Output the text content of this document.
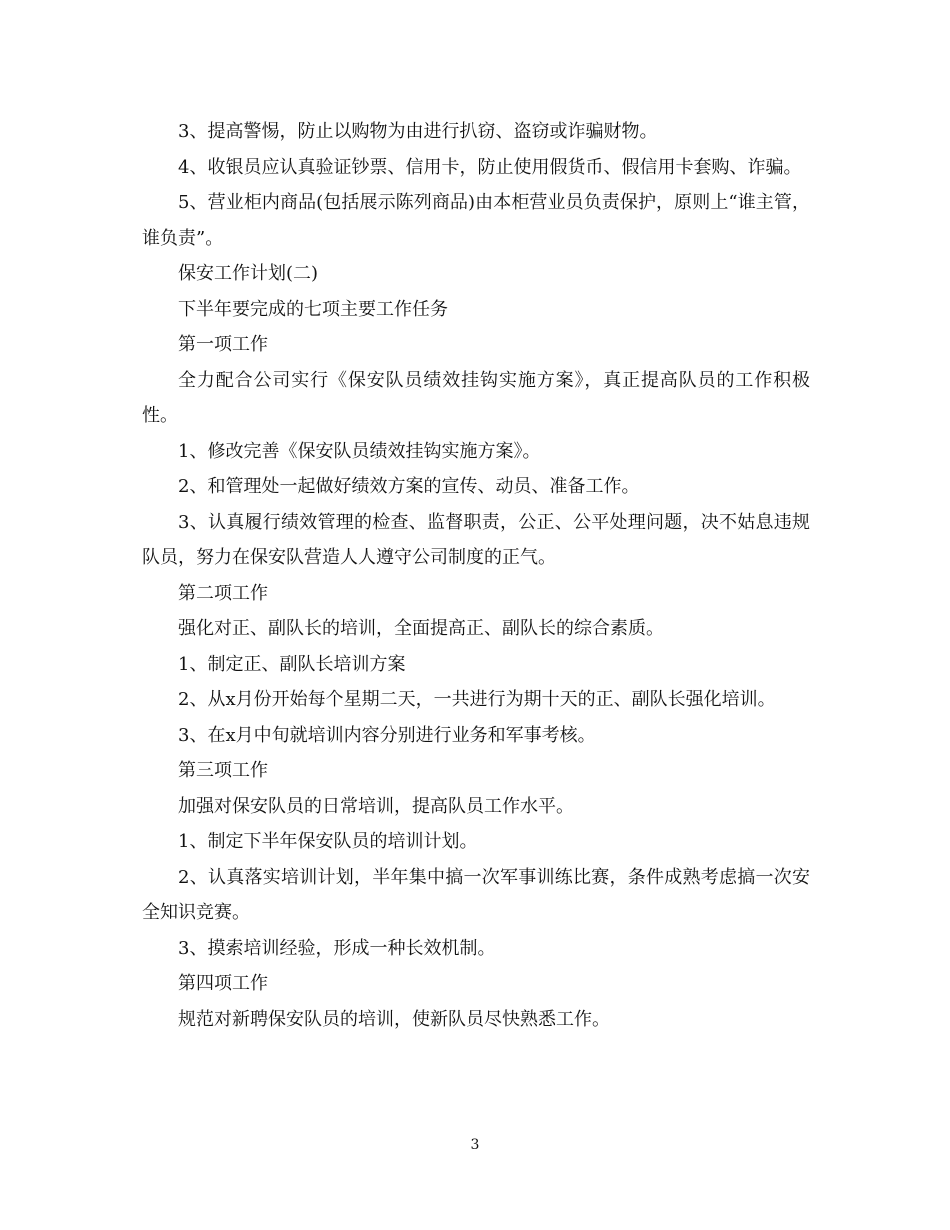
3、提高警惕，防止以购物为由进行扒窃、盗窃或诈骗财物。

4、收银员应认真验证钞票、信用卡，防止使用假货币、假信用卡套购、诈骗。

5、营业柜内商品(包括展示陈列商品)由本柜营业员负责保护，原则上“谁主管，谁负责”。

保安工作计划(二)

下半年要完成的七项主要工作任务

第一项工作

全力配合公司实行《保安队员绩效挂钩实施方案》，真正提高队员的工作积极性。

1、修改完善《保安队员绩效挂钩实施方案》。

2、和管理处一起做好绩效方案的宣传、动员、准备工作。

3、认真履行绩效管理的检查、监督职责，公正、公平处理问题，决不姑息违规队员，努力在保安队营造人人遵守公司制度的正气。

第二项工作

强化对正、副队长的培训，全面提高正、副队长的综合素质。

1、制定正、副队长培训方案

2、从x月份开始每个星期二天，一共进行为期十天的正、副队长强化培训。

3、在x月中旬就培训内容分别进行业务和军事考核。

第三项工作

加强对保安队员的日常培训，提高队员工作水平。

1、制定下半年保安队员的培训计划。

2、认真落实培训计划，半年集中搞一次军事训练比赛，条件成熟考虑搞一次安全知识竞赛。

3、摸索培训经验，形成一种长效机制。

第四项工作

规范对新聘保安队员的培训，使新队员尽快熟悉工作。

3
